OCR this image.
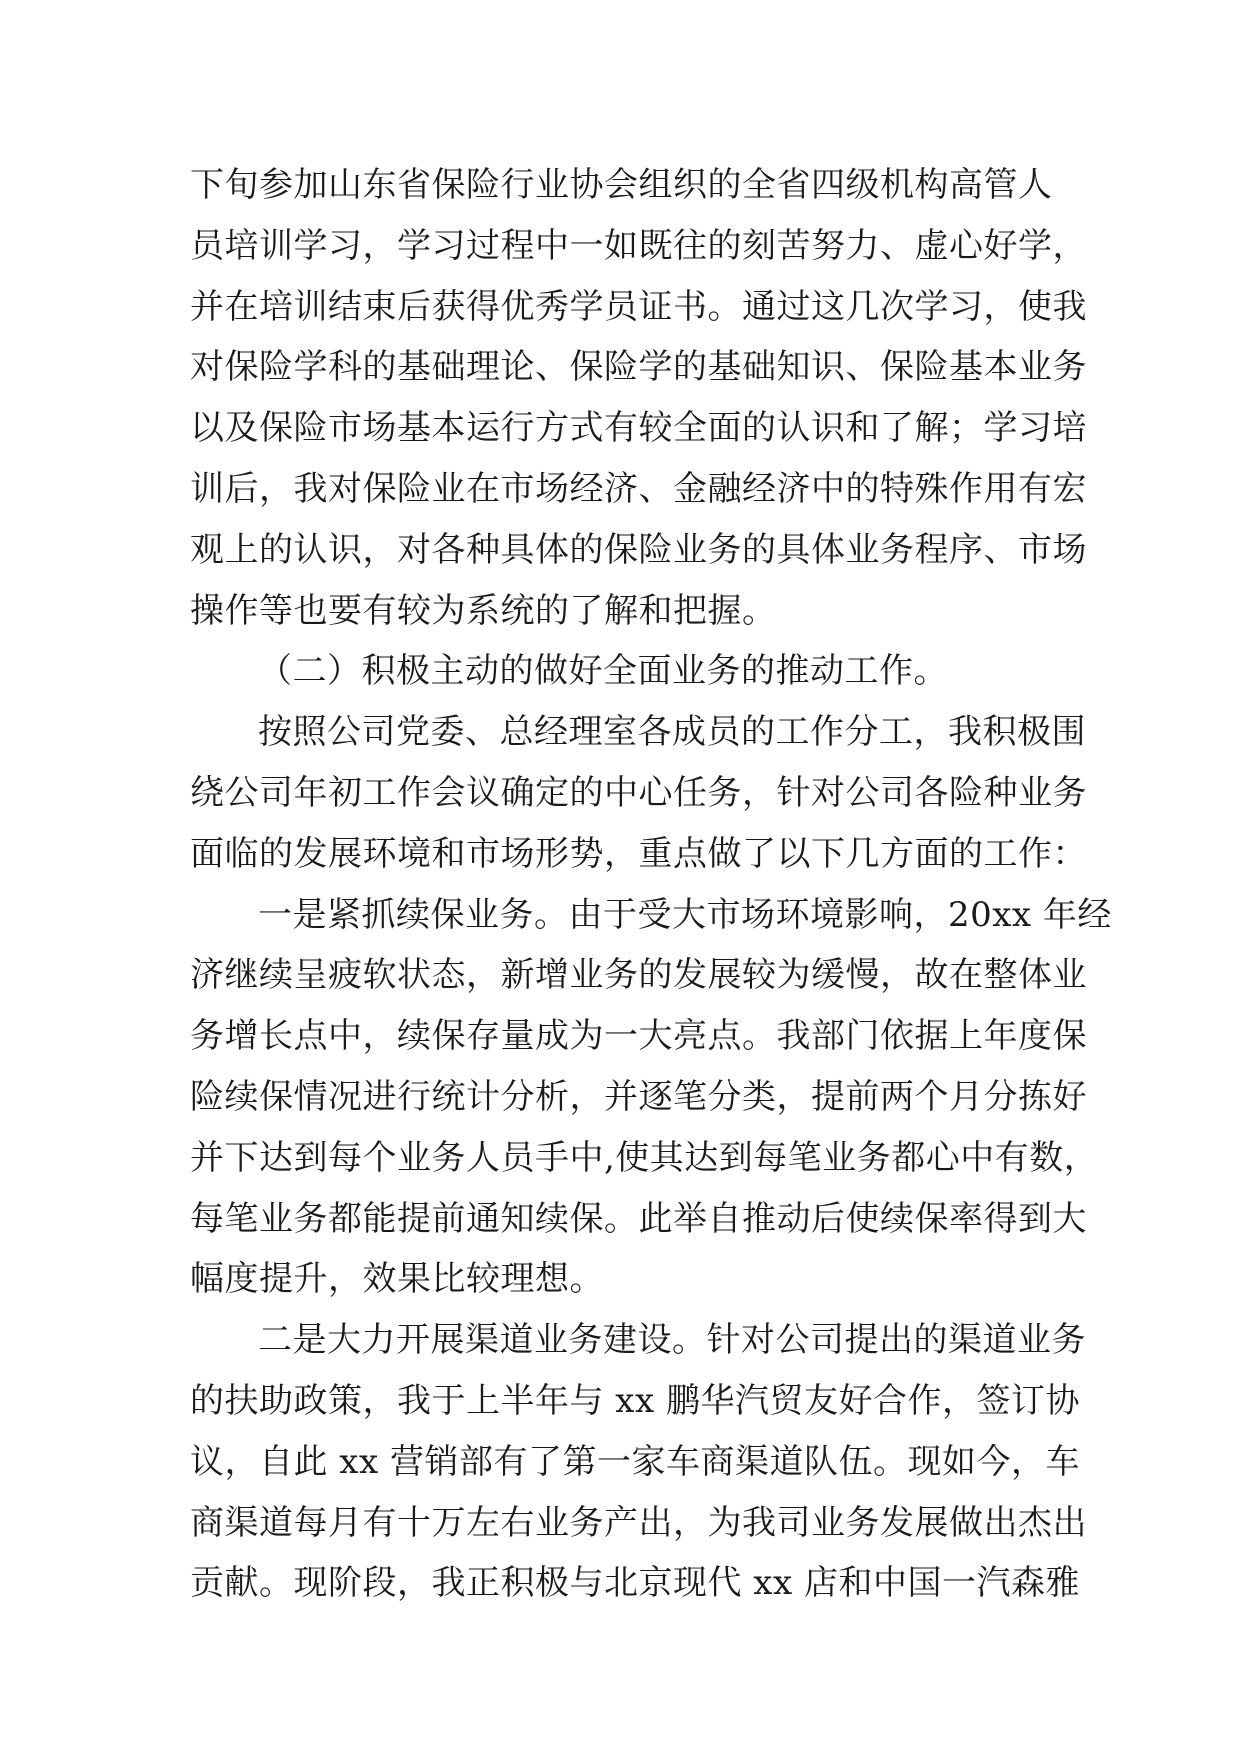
下旬参加山东省保险行业协会组织的全省四级机构高管人
员培训学习，学习过程中一如既往的刻苦努力、虚心好学，
并在培训结束后获得优秀学员证书。通过这几次学习，使我
对保险学科的基础理论、保险学的基础知识、保险基本业务
以及保险市场基本运行方式有较全面的认识和了解；学习培
训后，我对保险业在市场经济、金融经济中的特殊作用有宏
观上的认识，对各种具体的保险业务的具体业务程序、市场
操作等也要有较为系统的了解和把握。
（二）积极主动的做好全面业务的推动工作。
按照公司党委、总经理室各成员的工作分工，我积极围
绕公司年初工作会议确定的中心任务，针对公司各险种业务
面临的发展环境和市场形势，重点做了以下几方面的工作：
一是紧抓续保业务。由于受大市场环境影响，20xx 年经
济继续呈疲软状态，新增业务的发展较为缓慢，故在整体业
务增长点中，续保存量成为一大亮点。我部门依据上年度保
险续保情况进行统计分析，并逐笔分类，提前两个月分拣好
并下达到每个业务人员手中,使其达到每笔业务都心中有数，
每笔业务都能提前通知续保。此举自推动后使续保率得到大
幅度提升，效果比较理想。
二是大力开展渠道业务建设。针对公司提出的渠道业务
的扶助政策，我于上半年与 xx 鹏华汽贸友好合作，签订协
议，自此 xx 营销部有了第一家车商渠道队伍。现如今，车
商渠道每月有十万左右业务产出，为我司业务发展做出杰出
贡献。现阶段，我正积极与北京现代 xx 店和中国一汽森雅
